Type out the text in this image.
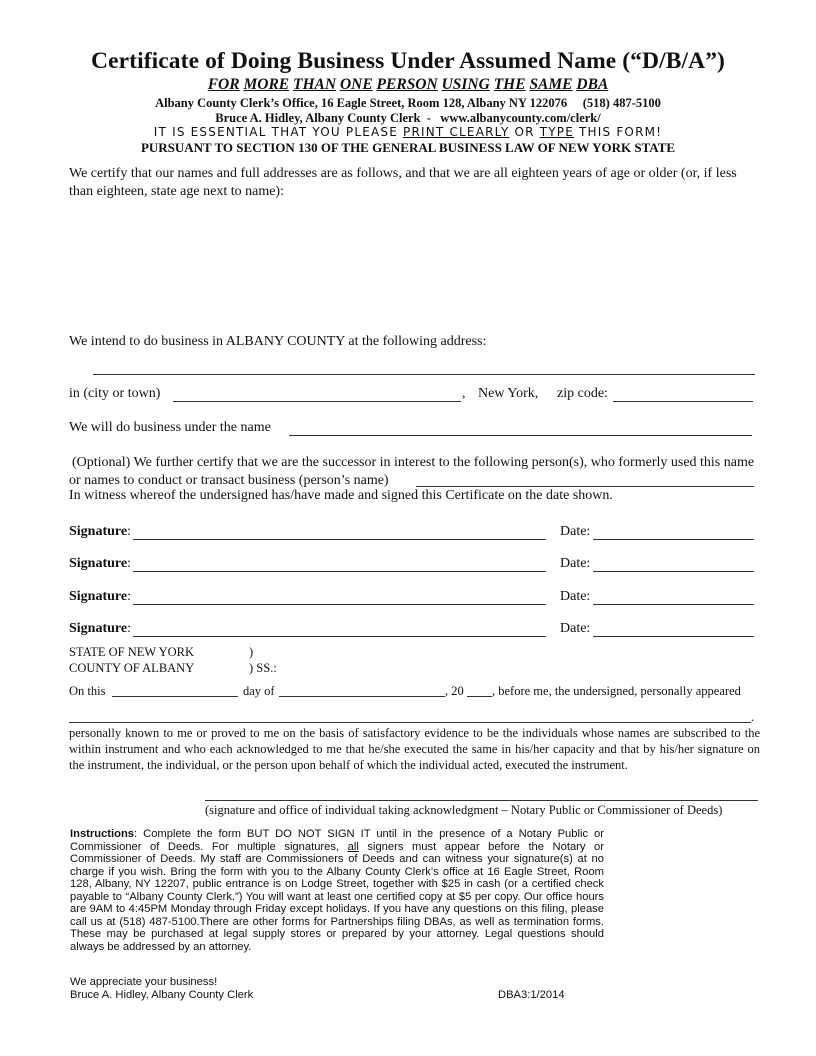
Certificate of Doing Business Under Assumed Name (“D/B/A”)
FOR MORE THAN ONE PERSON USING THE SAME DBA
Albany County Clerk’s Office, 16 Eagle Street, Room 128, Albany NY 122076 (518) 487-5100
Bruce A. Hidley, Albany County Clerk - www.albanycounty.com/clerk/
IT IS ESSENTIAL THAT YOU PLEASE PRINT CLEARLY OR TYPE THIS FORM!
PURSUANT TO SECTION 130 OF THE GENERAL BUSINESS LAW OF NEW YORK STATE
We certify that our names and full addresses are as follows, and that we are all eighteen years of age or older (or, if less than eighteen, state age next to name):
We intend to do business in ALBANY COUNTY at the following address:
in (city or town)	, New York, zip code:
We will do business under the name
(Optional) We further certify that we are the successor in interest to the following person(s), who formerly used this name or names to conduct or transact business (person’s name)
In witness whereof the undersigned has/have made and signed this Certificate on the date shown.
Signature:	Date:
Signature:	Date:
Signature:	Date:
Signature:	Date:
STATE OF NEW YORK	)
COUNTY OF ALBANY	) SS.:
On this	day of	, 20 , before me, the undersigned, personally appeared
.
personally known to me or proved to me on the basis of satisfactory evidence to be the individuals whose names are subscribed to the within instrument and who each acknowledged to me that he/she executed the same in his/her capacity and that by his/her signature on the instrument, the individual, or the person upon behalf of which the individual acted, executed the instrument.
(signature and office of individual taking acknowledgment – Notary Public or Commissioner of Deeds)
Instructions: Complete the form BUT DO NOT SIGN IT until in the presence of a Notary Public or Commissioner of Deeds. For multiple signatures, all signers must appear before the Notary or Commissioner of Deeds. My staff are Commissioners of Deeds and can witness your signature(s) at no charge if you wish. Bring the form with you to the Albany County Clerk’s office at 16 Eagle Street, Room 128, Albany, NY 12207, public entrance is on Lodge Street, together with $25 in cash (or a certified check payable to “Albany County Clerk.”) You will want at least one certified copy at $5 per copy. Our office hours are 9AM to 4:45PM Monday through Friday except holidays. If you have any questions on this filing, please call us at (518) 487-5100.There are other forms for Partnerships filing DBAs, as well as termination forms. These may be purchased at legal supply stores or prepared by your attorney. Legal questions should always be addressed by an attorney.
We appreciate your business!
Bruce A. Hidley, Albany County Clerk	DBA3:1/2014
